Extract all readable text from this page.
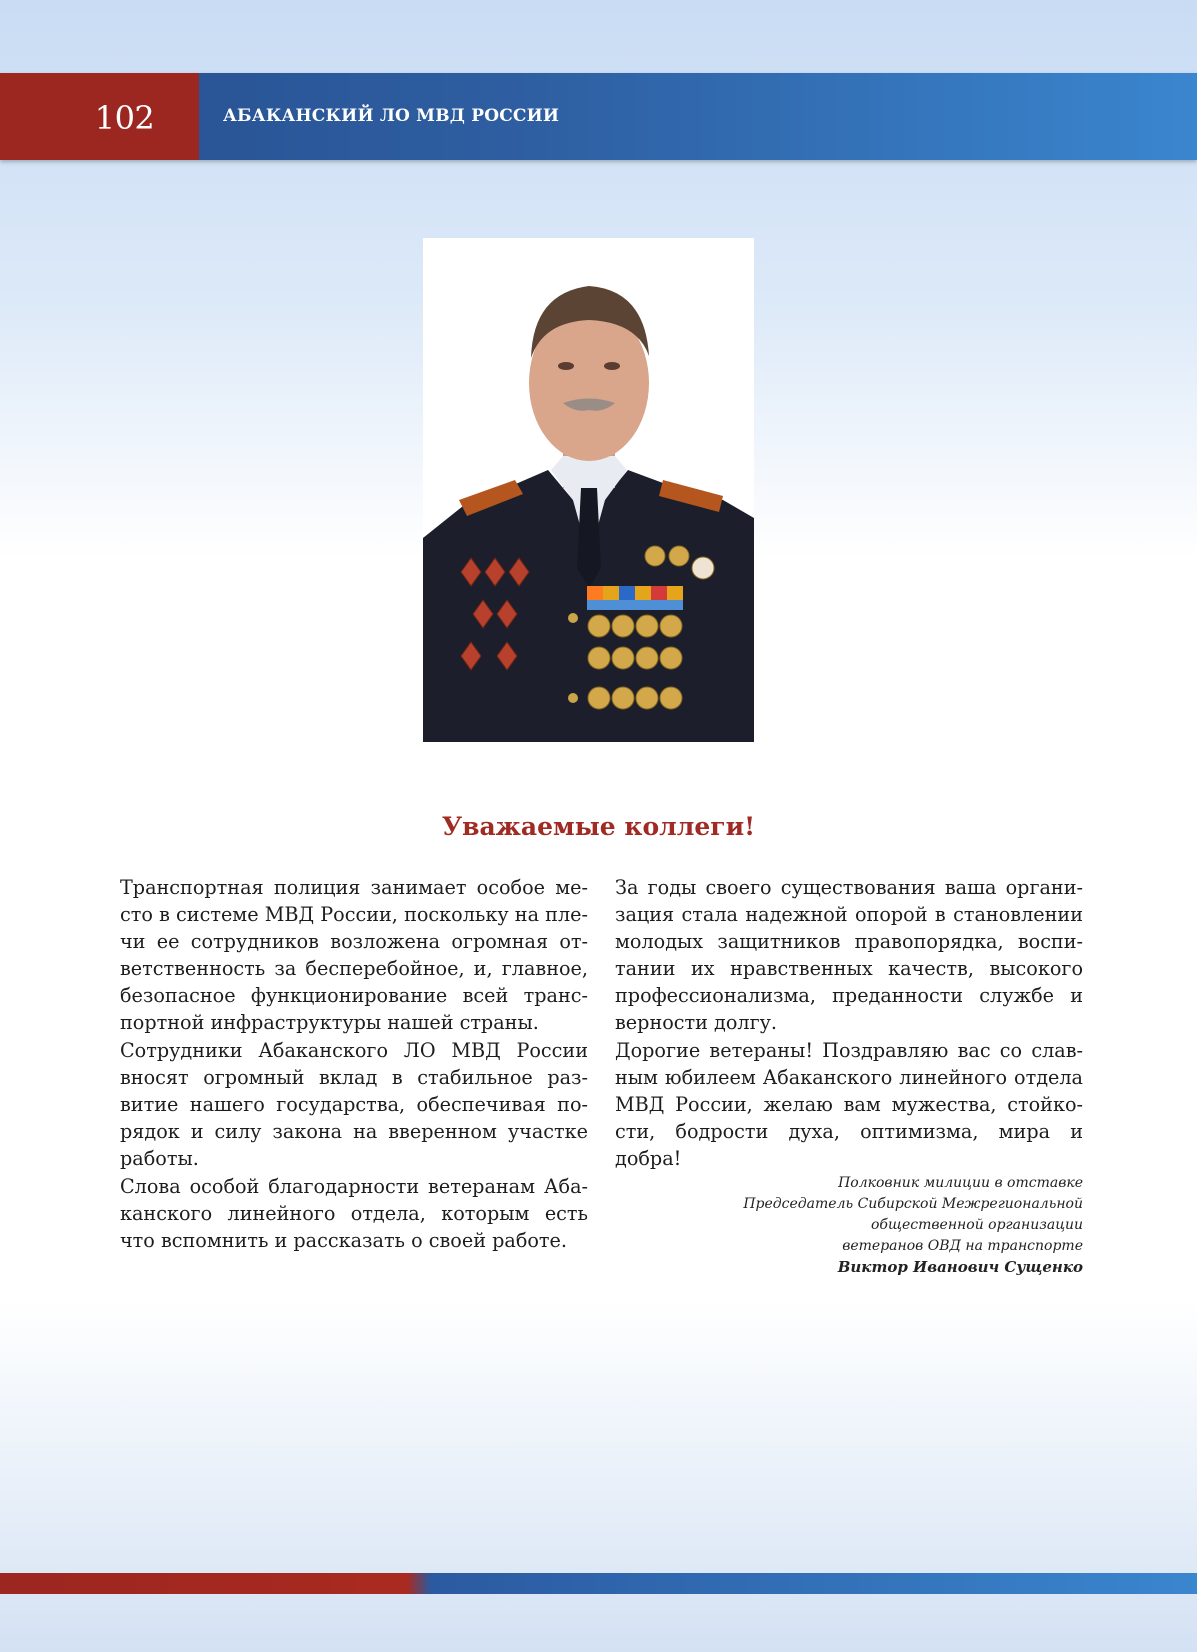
102	АБАКАНСКИЙ ЛО МВД РОССИИ
Уважаемые коллеги!

Транспортная полиция занимает особое место в системе МВД России, поскольку на плечи ее сотрудников возложена огромная ответственность за бесперебойное, и, главное, безопасное функционирование всей транспортной инфраструктуры нашей страны.

Сотрудники Абаканского ЛО МВД России вносят огромный вклад в стабильное развитие нашего государства, обеспечивая порядок и силу закона на вверенном участке работы.

Слова особой благодарности ветеранам Абаканского линейного отдела, которым есть что вспомнить и рассказать о своей работе.

За годы своего существования ваша организация стала надежной опорой в становлении молодых защитников правопорядка, воспитании их нравственных качеств, высокого профессионализма, преданности службе и верности долгу.

Дорогие ветераны! Поздравляю вас со славным юбилеем Абаканского линейного отдела МВД России, желаю вам мужества, стойкости, бодрости духа, оптимизма, мира и добра!

Полковник милиции в отставке
Председатель Сибирской Межрегиональной
общественной организации
ветеранов ОВД на транспорте
Виктор Иванович Сущенко
